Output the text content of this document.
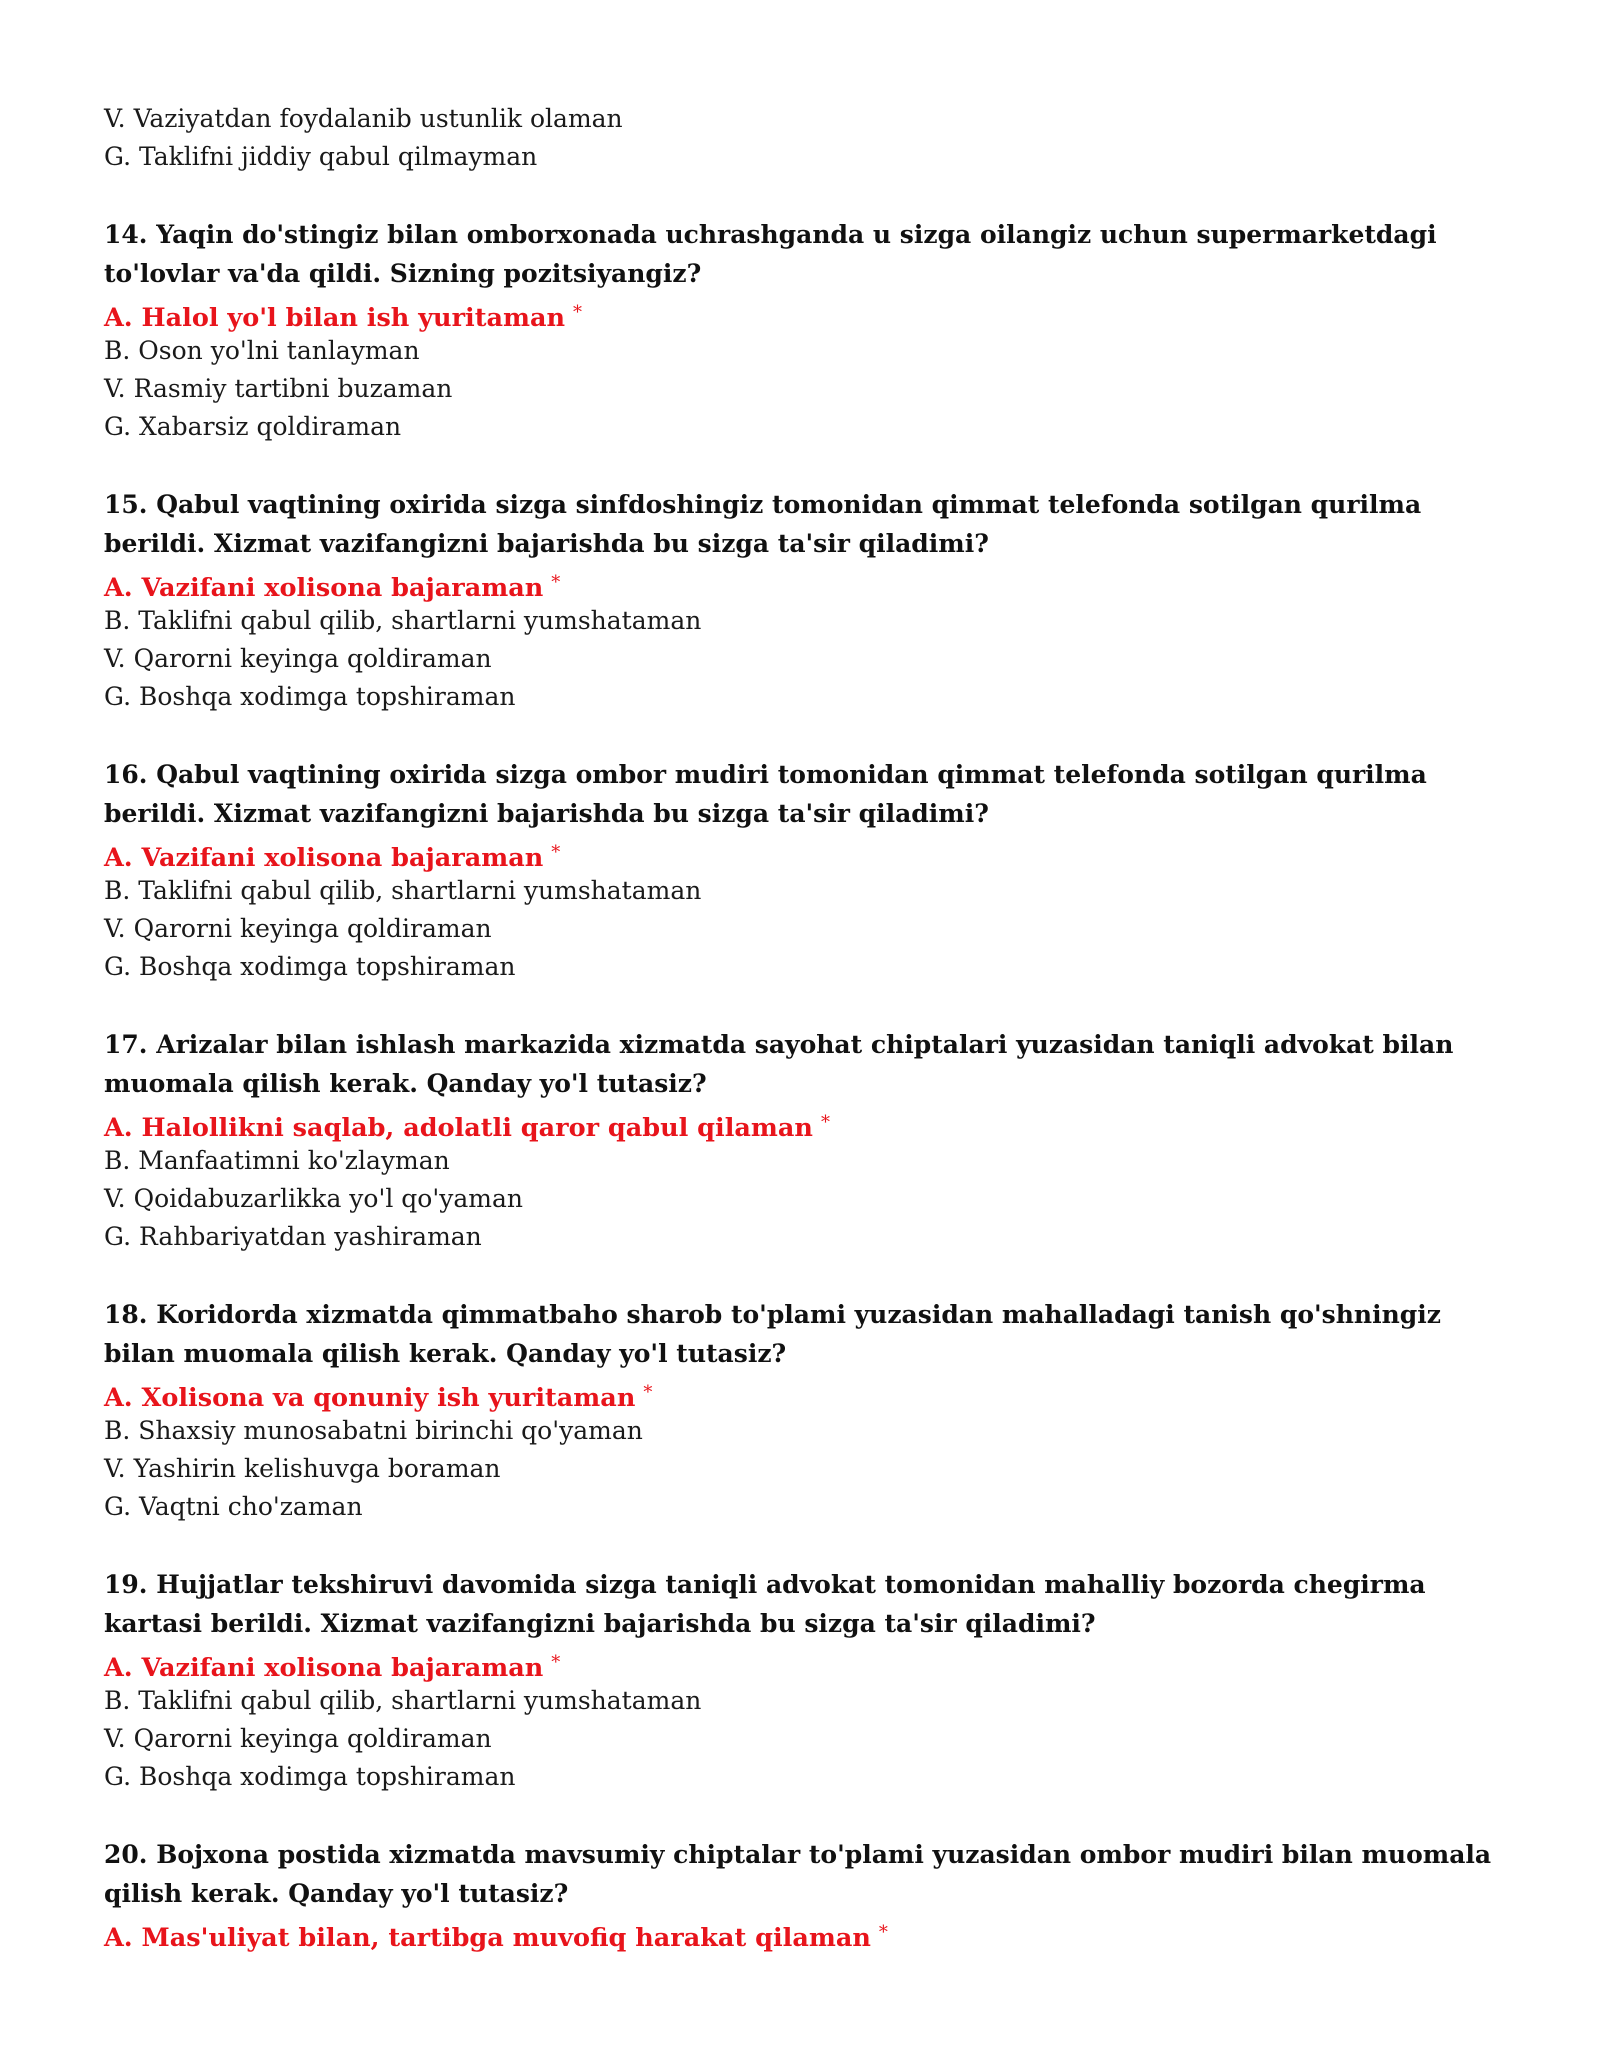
V. Vaziyatdan foydalanib ustunlik olaman
G. Taklifni jiddiy qabul qilmayman
14. Yaqin do'stingiz bilan omborxonada uchrashganda u sizga oilangiz uchun supermarketdagi to'lovlar va'da qildi. Sizning pozitsiyangiz?
A. Halol yo'l bilan ish yuritaman *
B. Oson yo'lni tanlayman
V. Rasmiy tartibni buzaman
G. Xabarsiz qoldiraman
15. Qabul vaqtining oxirida sizga sinfdoshingiz tomonidan qimmat telefonda sotilgan qurilma berildi. Xizmat vazifangizni bajarishda bu sizga ta'sir qiladimi?
A. Vazifani xolisona bajaraman *
B. Taklifni qabul qilib, shartlarni yumshataman
V. Qarorni keyinga qoldiraman
G. Boshqa xodimga topshiraman
16. Qabul vaqtining oxirida sizga ombor mudiri tomonidan qimmat telefonda sotilgan qurilma berildi. Xizmat vazifangizni bajarishda bu sizga ta'sir qiladimi?
A. Vazifani xolisona bajaraman *
B. Taklifni qabul qilib, shartlarni yumshataman
V. Qarorni keyinga qoldiraman
G. Boshqa xodimga topshiraman
17. Arizalar bilan ishlash markazida xizmatda sayohat chiptalari yuzasidan taniqli advokat bilan muomala qilish kerak. Qanday yo'l tutasiz?
A. Halollikni saqlab, adolatli qaror qabul qilaman *
B. Manfaatimni ko'zlayman
V. Qoidabuzarlikka yo'l qo'yaman
G. Rahbariyatdan yashiraman
18. Koridorda xizmatda qimmatbaho sharob to'plami yuzasidan mahalladagi tanish qo'shningiz bilan muomala qilish kerak. Qanday yo'l tutasiz?
A. Xolisona va qonuniy ish yuritaman *
B. Shaxsiy munosabatni birinchi qo'yaman
V. Yashirin kelishuvga boraman
G. Vaqtni cho'zaman
19. Hujjatlar tekshiruvi davomida sizga taniqli advokat tomonidan mahalliy bozorda chegirma kartasi berildi. Xizmat vazifangizni bajarishda bu sizga ta'sir qiladimi?
A. Vazifani xolisona bajaraman *
B. Taklifni qabul qilib, shartlarni yumshataman
V. Qarorni keyinga qoldiraman
G. Boshqa xodimga topshiraman
20. Bojxona postida xizmatda mavsumiy chiptalar to'plami yuzasidan ombor mudiri bilan muomala qilish kerak. Qanday yo'l tutasiz?
A. Mas'uliyat bilan, tartibga muvofiq harakat qilaman *
